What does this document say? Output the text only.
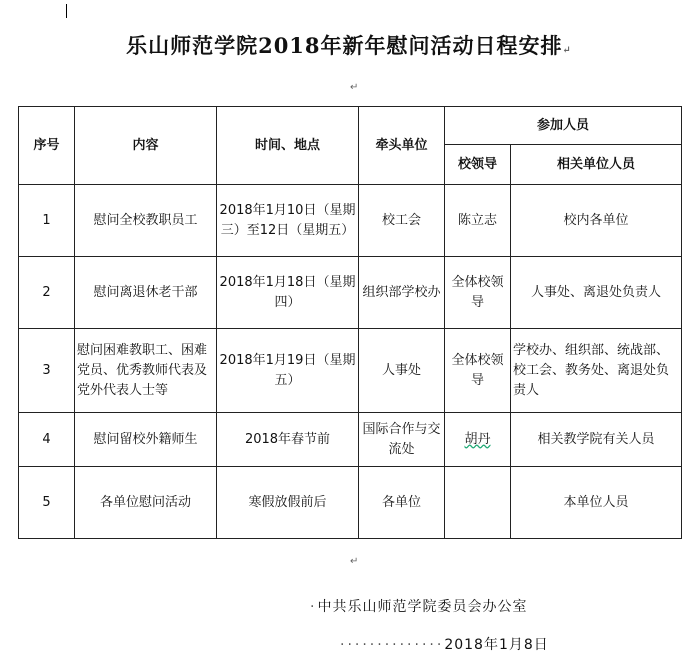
乐山师范学院2018年新年慰问活动日程安排↵
↵
序号	内容	时间、地点	牵头单位	参加人员	
				校领导	相关单位人员
1	慰问全校教职员工	2018年1月10日（星期三）至12日（星期五）	校工会	陈立志	校内各单位
2	慰问离退休老干部	2018年1月18日（星期四）	组织部学校办	全体校领导	人事处、离退处负责人
3	慰问困难教职工、困难党员、优秀教师代表及党外代表人士等	2018年1月19日（星期五）	人事处	全体校领导	学校办、组织部、统战部、校工会、教务处、离退处负责人
4	慰问留校外籍师生	2018年春节前	国际合作与交流处	胡丹	相关教学院有关人员
5	各单位慰问活动	寒假放假前后	各单位		本单位人员
↵
·中共乐山师范学院委员会办公室
··············2018年1月8日
